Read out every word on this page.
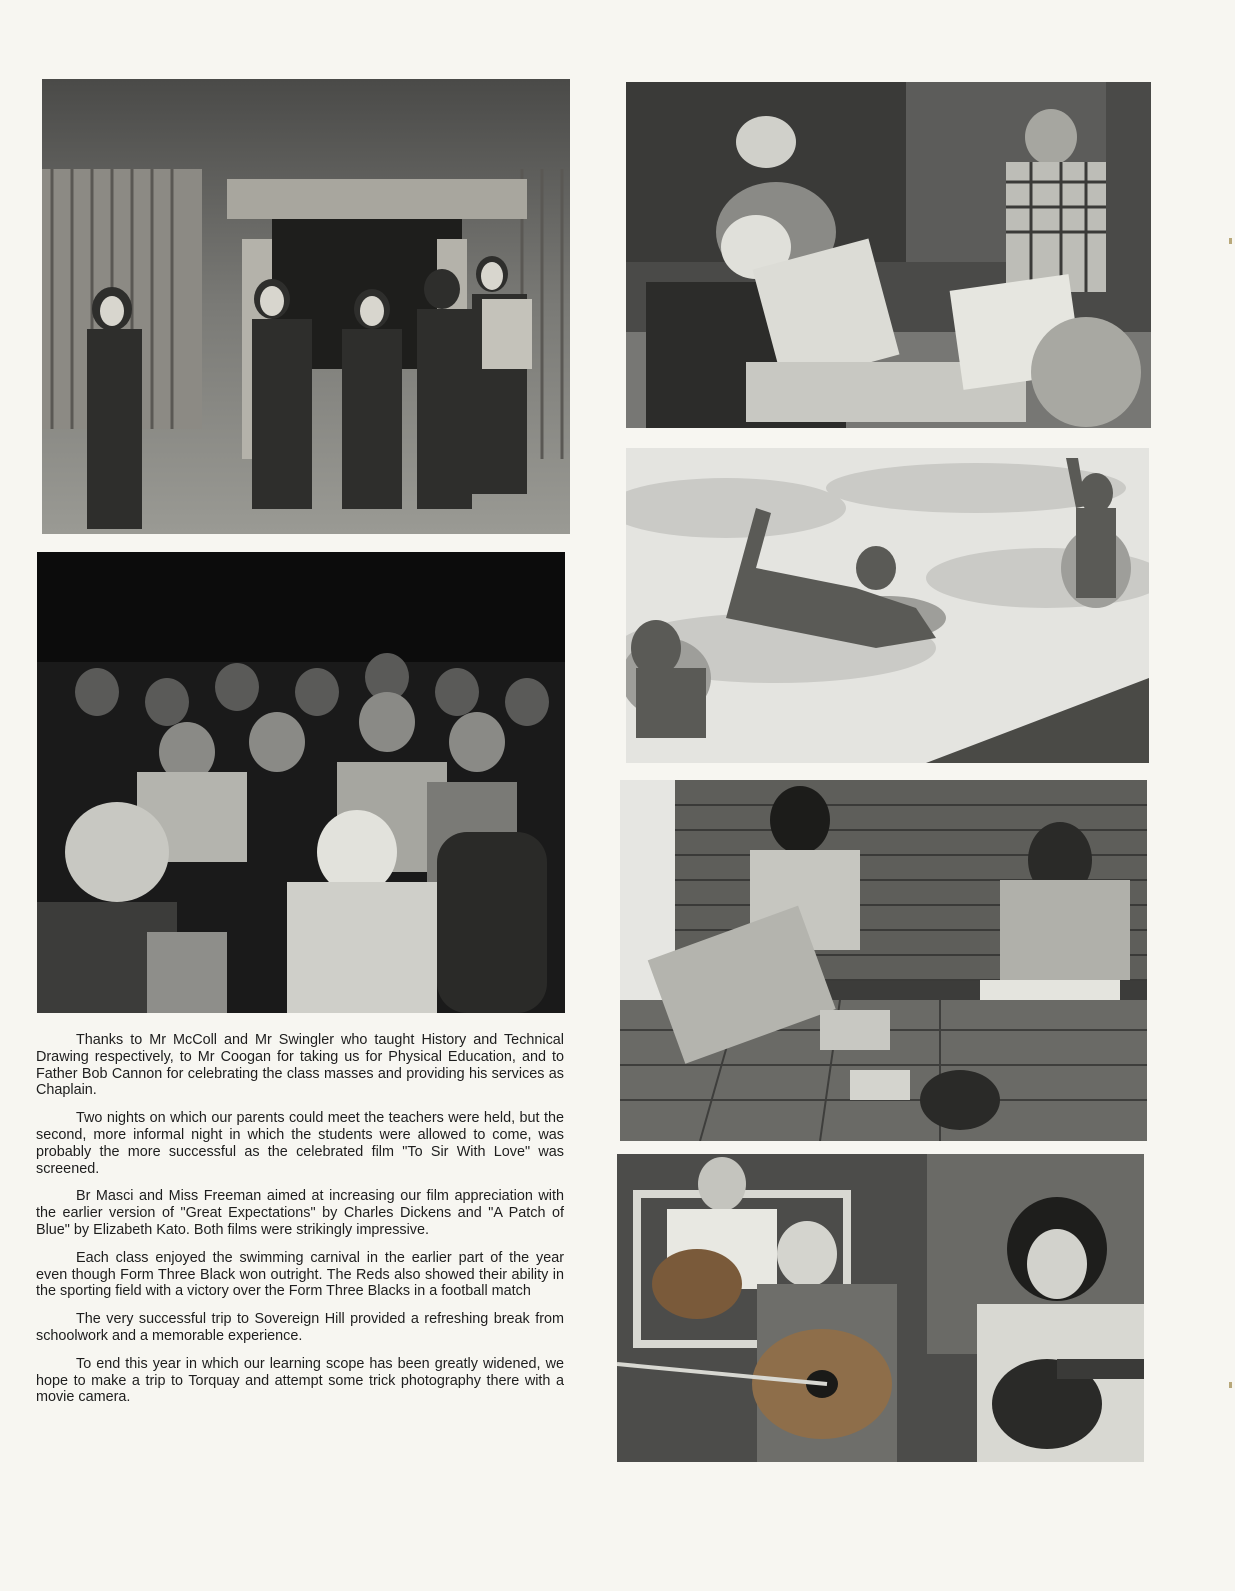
Thanks to Mr McColl and Mr Swingler who taught History and Technical Drawing respectively, to Mr Coogan for taking us for Physical Education, and to Father Bob Cannon for celebrating the class masses and providing his services as Chaplain.

Two nights on which our parents could meet the teachers were held, but the second, more informal night in which the students were allowed to come, was probably the more successful as the celebrated film "To Sir With Love" was screened.

Br Masci and Miss Freeman aimed at increasing our film appreciation with the earlier version of "Great Expectations" by Charles Dickens and "A Patch of Blue" by Elizabeth Kato. Both films were strikingly impressive.

Each class enjoyed the swimming carnival in the earlier part of the year even though Form Three Black won outright. The Reds also showed their ability in the sporting field with a victory over the Form Three Blacks in a football match

The very successful trip to Sovereign Hill provided a refreshing break from schoolwork and a memorable experience.

To end this year in which our learning scope has been greatly widened, we hope to make a trip to Torquay and attempt some trick photography there with a movie camera.
